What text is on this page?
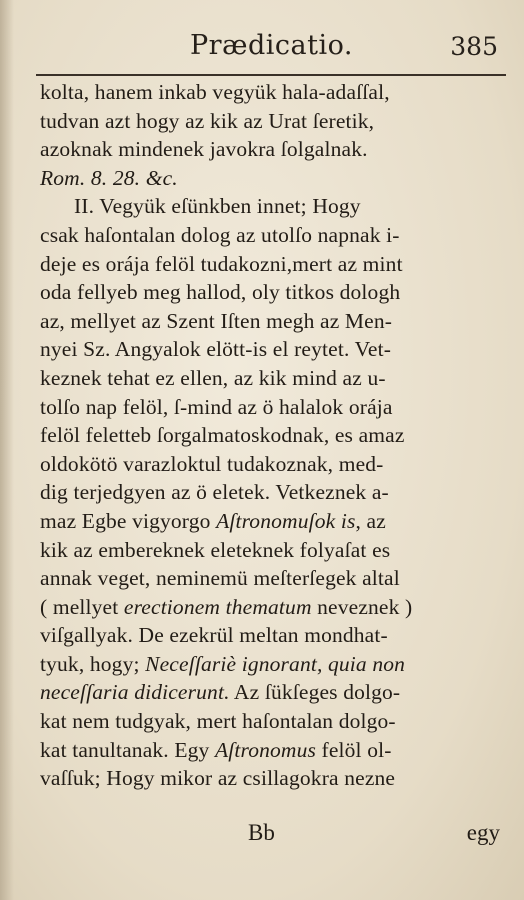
Prædicatio.	385
kolta, hanem inkab vegyük hala-adaſſal,
tudvan azt hogy az kik az Urat ſeretik,
azoknak mindenek javokra ſolgalnak.
Rom. 8. 28. &c.
II. Vegyük eſünkben innet; Hogy
csak haſontalan dolog az utolſo napnak i-
deje es orája felöl tudakozni,mert az mint
oda fellyeb meg hallod, oly titkos dologh
az, mellyet az Szent Iſten megh az Men-
nyei Sz. Angyalok elött-is el reytet. Vet-
keznek tehat ez ellen, az kik mind az u-
tolſo nap felöl, ſ-mind az ö halalok orája
felöl feletteb ſorgalmatoskodnak, es amaz
oldokötö varazloktul tudakoznak, med-
dig terjedgyen az ö eletek. Vetkeznek a-
maz Egbe vigyorgo Aſtronomuſok is, az
kik az embereknek eleteknek folyaſat es
annak veget, neminemü meſterſegek altal
( mellyet erectionem thematum neveznek )
viſgallyak. De ezekrül meltan mondhat-
tyuk, hogy; Neceſſariè ignorant, quia non
neceſſaria didicerunt. Az ſükſeges dolgo-
kat nem tudgyak, mert haſontalan dolgo-
kat tanultanak. Egy Aſtronomus felöl ol-
vaſſuk; Hogy mikor az csillagokra nezne
Bb	egy
